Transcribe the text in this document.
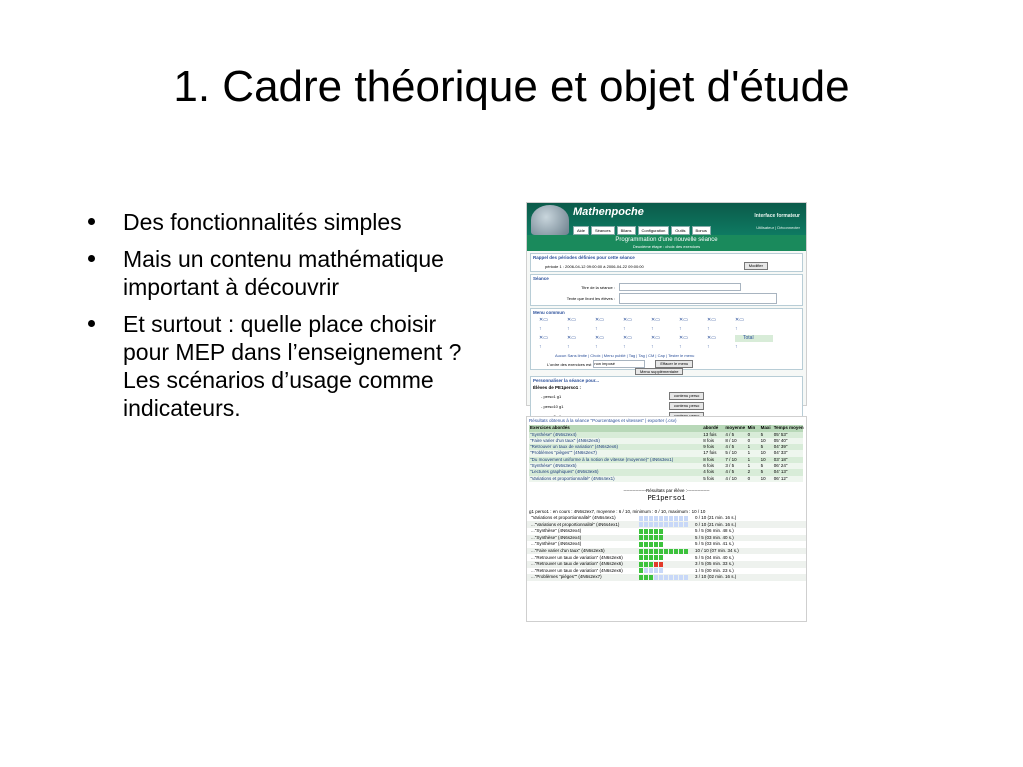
1. Cadre théorique et objet d'étude
Des fonctionnalités simples
Mais un contenu mathématique important à découvrir
Et surtout : quelle place choisir pour MEP dans l’enseignement ? Les scénarios d’usage comme indicateurs.
Mathenpoche	Interface formateur
Aide	Séances	Bilans	Configuration	Outils	Bonus
Utilisateur | Déconnecter
Programmation d'une nouvelle séance
Deuxième étape : choix des exercices
Rappel des périodes définies pour cette séance
période 1 : 2006-04-12 09:00:00 à 2006-04-22 09:00:00	Modifier
Séance
Titre de la séance :
Texte que liront les élèves :
Menu commun
✕▭	✕▭	✕▭	✕▭	✕▭	✕▭	✕▭	✕▭
↑	↑	↑	↑	↑	↑	↑	↑
✕▭	✕▭	✕▭	✕▭	✕▭	✕▭	✕▭	Total
↑	↑	↑	↑	↑	↑	↑	↑
Aucun Sans limite | Choix | Menu publié | Tag | Tag | CM | Cap | Tester le menu
L'ordre des exercices est non imposé	Effacer le menu
Menu supplémentaire
Personnaliser la séance pour...
Élèves de PE1perso1 :
- perso1 g1	contenu perso
- perso10 g1	contenu perso
Résultats obtenus à la séance "Pourcentages et vitesses" | exporter (.csv)
Exercices abordés	abordé	moyenne	Min	Maxi	Temps moyen
"Synthèse" (4N6s2ex4)	13 fois	4 / 5	0	5	05' 53"
"Faire varier d'un taux" (4N6s2ex5)	8 fois	8 / 10	0	10	05' 40"
"Retrouver un taux de variation" (4N6s2ex6)	9 fois	4 / 5	1	5	04' 39"
"Problèmes "pièges"" (4N6s2ex7)	17 fois	5 / 10	1	10	04' 33"
"Du mouvement uniforme à la notion de vitesse (moyenne)" (4N6s3ex1)	8 fois	7 / 10	1	10	03' 18"
"Synthèse" (4N6s3ex5)	6 fois	3 / 5	1	5	06' 24"
"Lectures graphiques" (4N6s3ex6)	4 fois	4 / 5	2	5	04' 13"
"Variations et proportionnalité" (4N6s4ex1)	5 fois	4 / 10	0	10	06' 12"
---------------Résultats par élève :---------------
PE1perso1
g1 perso1 : en cours : 4N6s2ex7, moyenne : 6 / 10, minimum : 0 / 10, maximum : 10 / 10
"Variations et proportionnalité" (4N6s4ex1)	0 / 10 (21 min. 16 s.)
..."Variations et proportionnalité" (4N6s4ex1)	0 / 10 (21 min. 16 s.)
..."Synthèse" (4N6s2ex4)	5 / 5 (06 min. 48 s.)
..."Synthèse" (4N6s2ex4)	5 / 5 (03 min. 40 s.)
..."Synthèse" (4N6s2ex4)	5 / 5 (03 min. 41 s.)
..."Faire varier d'un taux" (4N6s2ex5)	10 / 10 (07 min. 34 s.)
..."Retrouver un taux de variation" (4N6s2ex6)	5 / 5 (04 min. 40 s.)
..."Retrouver un taux de variation" (4N6s2ex6)	3 / 5 (05 min. 33 s.)
..."Retrouver un taux de variation" (4N6s2ex6)	1 / 5 (00 min. 23 s.)
..."Problèmes "pièges"" (4N6s2ex7)	3 / 10 (02 min. 16 s.)
